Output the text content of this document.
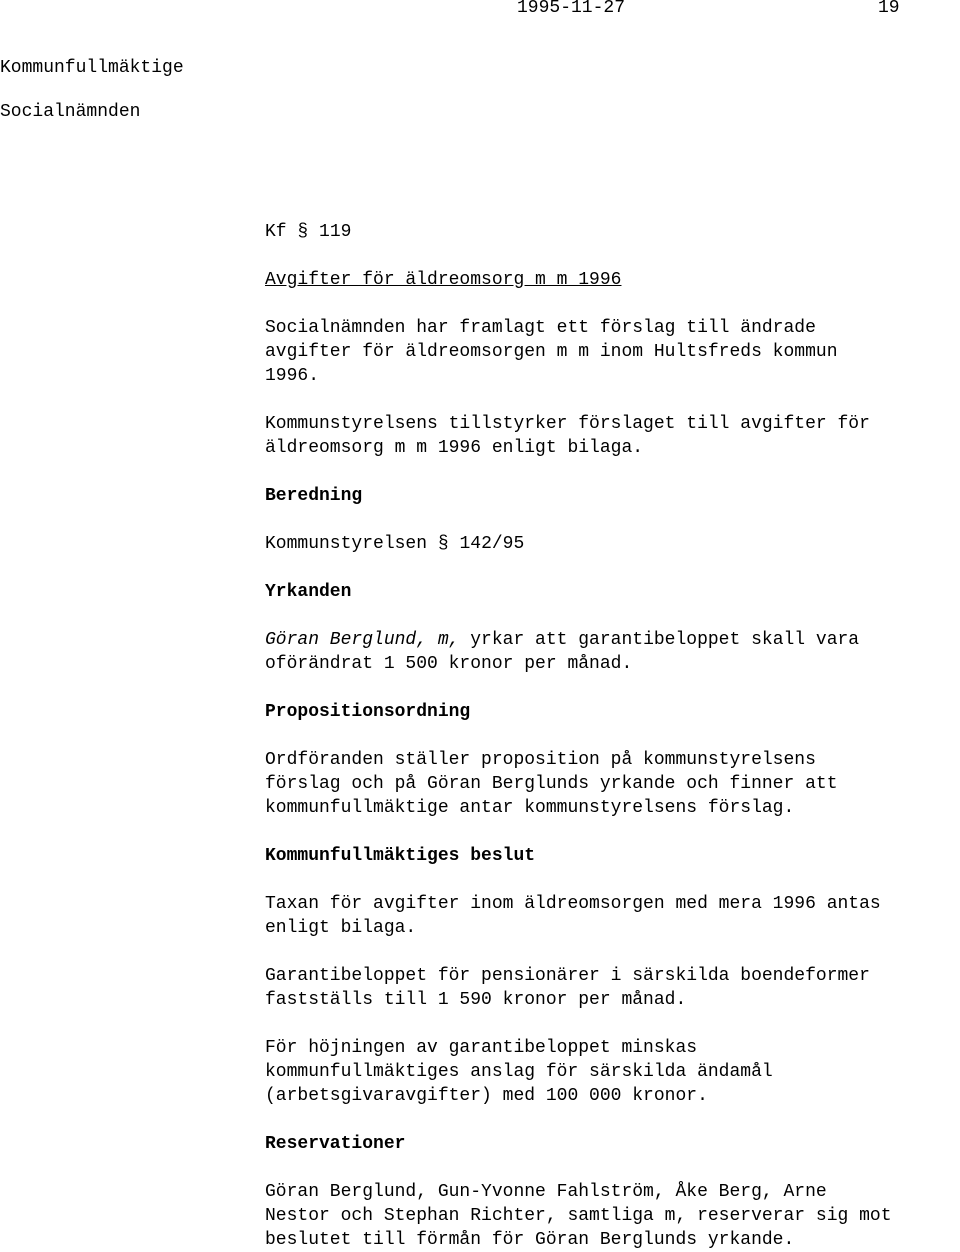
1995-11-27	19
Kommunfullmäktige
Socialnämnden
Kf § 119
Avgifter för äldreomsorg m m 1996
Socialnämnden har framlagt ett förslag till ändrade
avgifter för äldreomsorgen m m inom Hultsfreds kommun
1996.
Kommunstyrelsens tillstyrker förslaget till avgifter för
äldreomsorg m m 1996 enligt bilaga.
Beredning
Kommunstyrelsen § 142/95
Yrkanden
Göran Berglund, m, yrkar att garantibeloppet skall vara
oförändrat 1 500 kronor per månad.
Propositionsordning
Ordföranden ställer proposition på kommunstyrelsens
förslag och på Göran Berglunds yrkande och finner att
kommunfullmäktige antar kommunstyrelsens förslag.
Kommunfullmäktiges beslut
Taxan för avgifter inom äldreomsorgen med mera 1996 antas
enligt bilaga.
Garantibeloppet för pensionärer i särskilda boendeformer
fastställs till 1 590 kronor per månad.
För höjningen av garantibeloppet minskas
kommunfullmäktiges anslag för särskilda ändamål
(arbetsgivaravgifter) med 100 000 kronor.
Reservationer
Göran Berglund, Gun-Yvonne Fahlström, Åke Berg, Arne
Nestor och Stephan Richter, samtliga m, reserverar sig mot
beslutet till förmån för Göran Berglunds yrkande.
